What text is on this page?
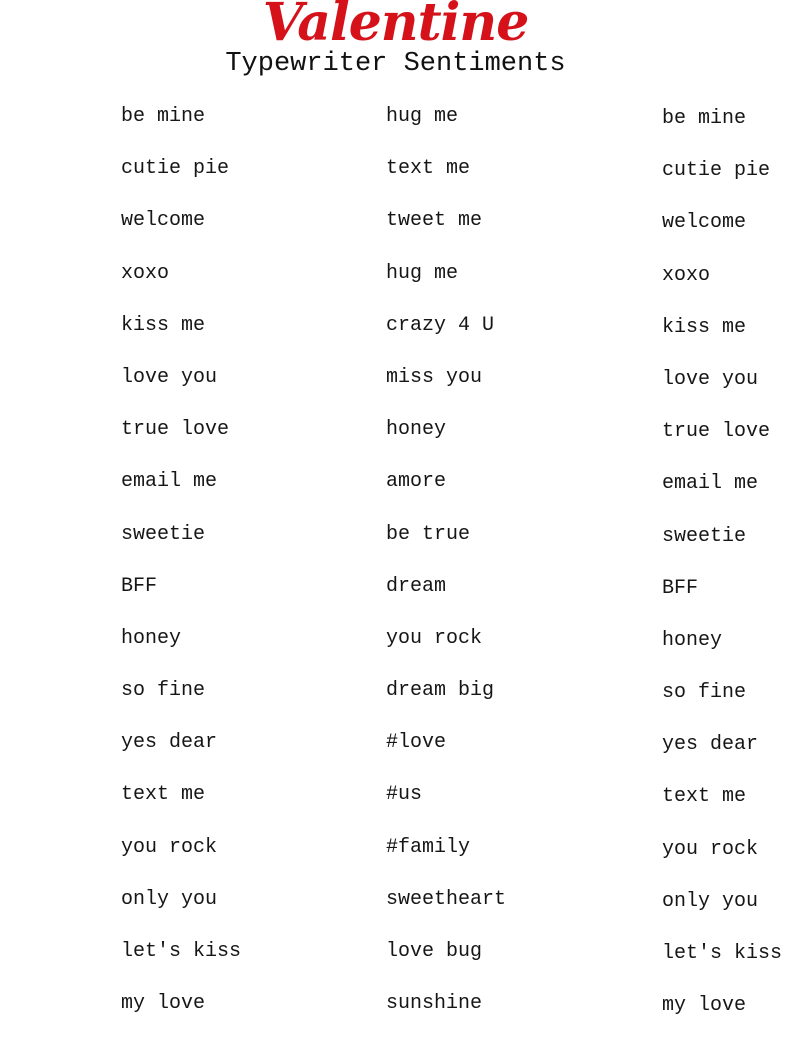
Valentine
Typewriter Sentiments
be mine
cutie pie
welcome
xoxo
kiss me
love you
true love
email me
sweetie
BFF
honey
so fine
yes dear
text me
you rock
only you
let's kiss
my love
hug me
text me
tweet me
hug me
crazy 4 U
miss you
honey
amore
be true
dream
you rock
dream big
#love
#us
#family
sweetheart
love bug
sunshine
be mine
cutie pie
welcome
xoxo
kiss me
love you
true love
email me
sweetie
BFF
honey
so fine
yes dear
text me
you rock
only you
let's kiss
my love
